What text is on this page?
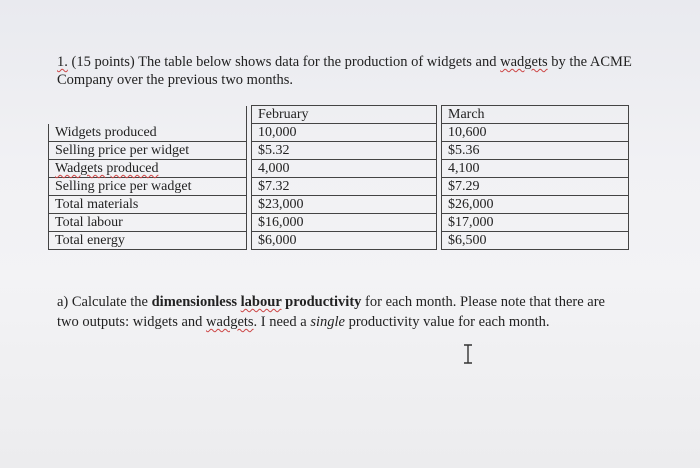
1. (15 points) The table below shows data for the production of widgets and wadgets by the ACME Company over the previous two months.
		February		March
Widgets produced		10,000		10,600
Selling price per widget		$5.32		$5.36
Wadgets produced		4,000		4,100
Selling price per wadget		$7.32		$7.29
Total materials		$23,000		$26,000
Total labour		$16,000		$17,000
Total energy		$6,000		$6,500
a) Calculate the dimensionless labour productivity for each month. Please note that there are two outputs: widgets and wadgets. I need a single productivity value for each month.
